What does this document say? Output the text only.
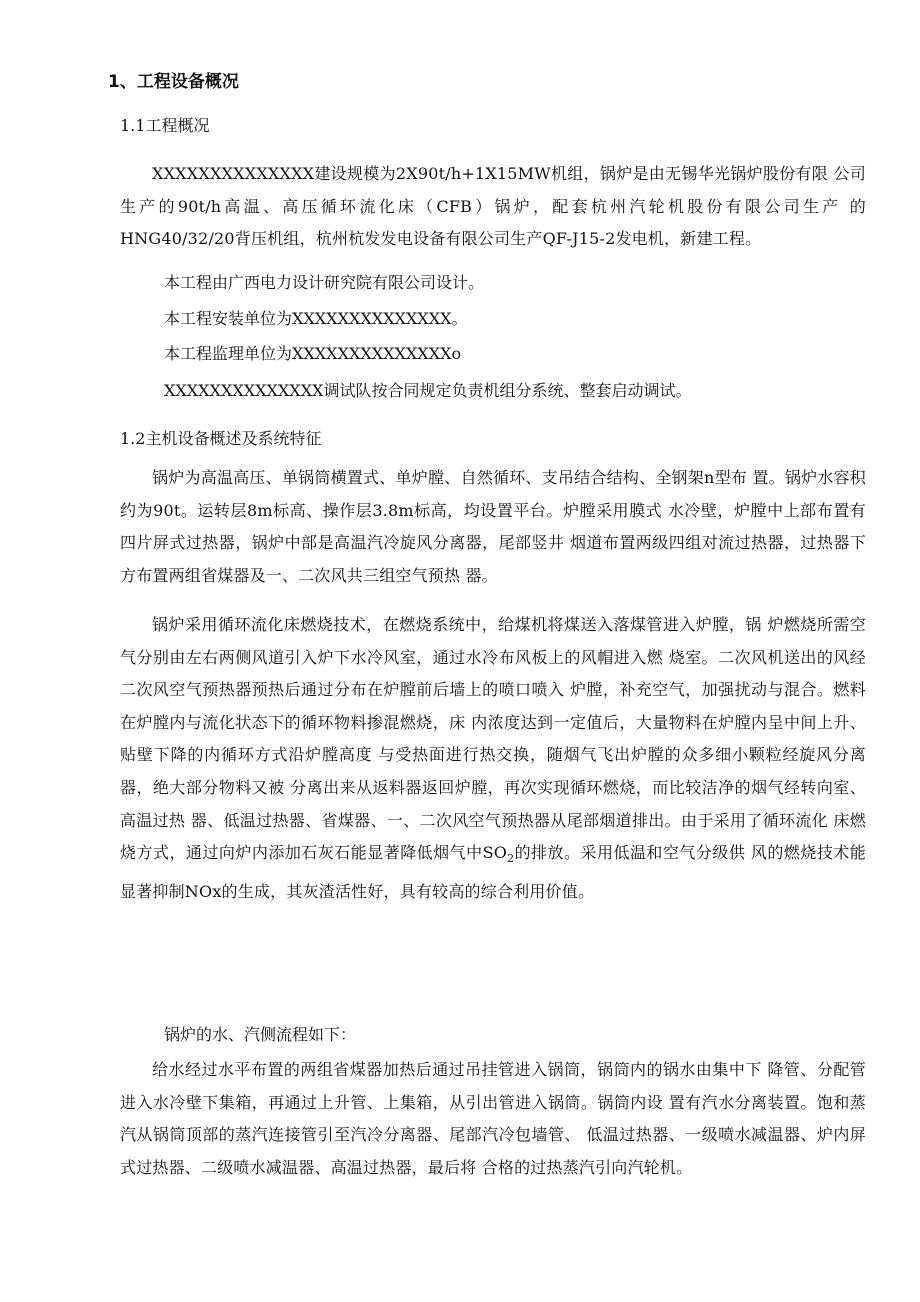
1、工程设备概况
1.1工程概况
XXXXXXXXXXXXXX建设规模为2X90t/h+1X15MW机组，锅炉是由无锡华光锅炉股份有限 公司生产的90t/h高温、高压循环流化床（CFB）锅炉，配套杭州汽轮机股份有限公司生产 的HNG40/32/20背压机组，杭州杭发发电设备有限公司生产QF-J15-2发电机，新建工程。
本工程由广西电力设计研究院有限公司设计。
本工程安装单位为XXXXXXXXXXXXXX。
本工程监理单位为XXXXXXXXXXXXXXo
XXXXXXXXXXXXXX调试队按合同规定负责机组分系统、整套启动调试。
1.2主机设备概述及系统特征
锅炉为高温高压、单锅筒横置式、单炉膛、自然循环、支吊结合结构、全钢架n型布 置。锅炉水容积约为90t。运转层8m标高、操作层3.8m标高，均设置平台。炉膛采用膜式 水冷壁，炉膛中上部布置有四片屏式过热器，锅炉中部是高温汽冷旋风分离器，尾部竖井 烟道布置两级四组对流过热器，过热器下方布置两组省煤器及一、二次风共三组空气预热 器。
锅炉采用循环流化床燃烧技术，在燃烧系统中，给煤机将煤送入落煤管进入炉膛，锅 炉燃烧所需空气分别由左右两侧风道引入炉下水冷风室，通过水冷布风板上的风帽进入燃 烧室。二次风机送出的风经二次风空气预热器预热后通过分布在炉膛前后墙上的喷口喷入 炉膛，补充空气，加强扰动与混合。燃料在炉膛内与流化状态下的循环物料掺混燃烧，床 内浓度达到一定值后，大量物料在炉膛内呈中间上升、贴壁下降的内循环方式沿炉膛高度 与受热面进行热交换，随烟气飞出炉膛的众多细小颗粒经旋风分离器，绝大部分物料又被 分离出来从返料器返回炉膛，再次实现循环燃烧，而比较洁净的烟气经转向室、高温过热 器、低温过热器、省煤器、一、二次风空气预热器从尾部烟道排出。由于采用了循环流化 床燃烧方式，通过向炉内添加石灰石能显著降低烟气中$SO_2$的排放。采用低温和空气分级供 风的燃烧技术能显著抑制NOx的生成，其灰渣活性好，具有较高的综合利用价值。
锅炉的水、汽侧流程如下：
给水经过水平布置的两组省煤器加热后通过吊挂管进入锅筒，锅筒内的锅水由集中下 降管、分配管进入水冷壁下集箱，再通过上升管、上集箱，从引出管进入锅筒。锅筒内设 置有汽水分离装置。饱和蒸汽从锅筒顶部的蒸汽连接管引至汽冷分离器、尾部汽冷包墙管、 低温过热器、一级喷水减温器、炉内屏式过热器、二级喷水减温器、高温过热器，最后将 合格的过热蒸汽引向汽轮机。
